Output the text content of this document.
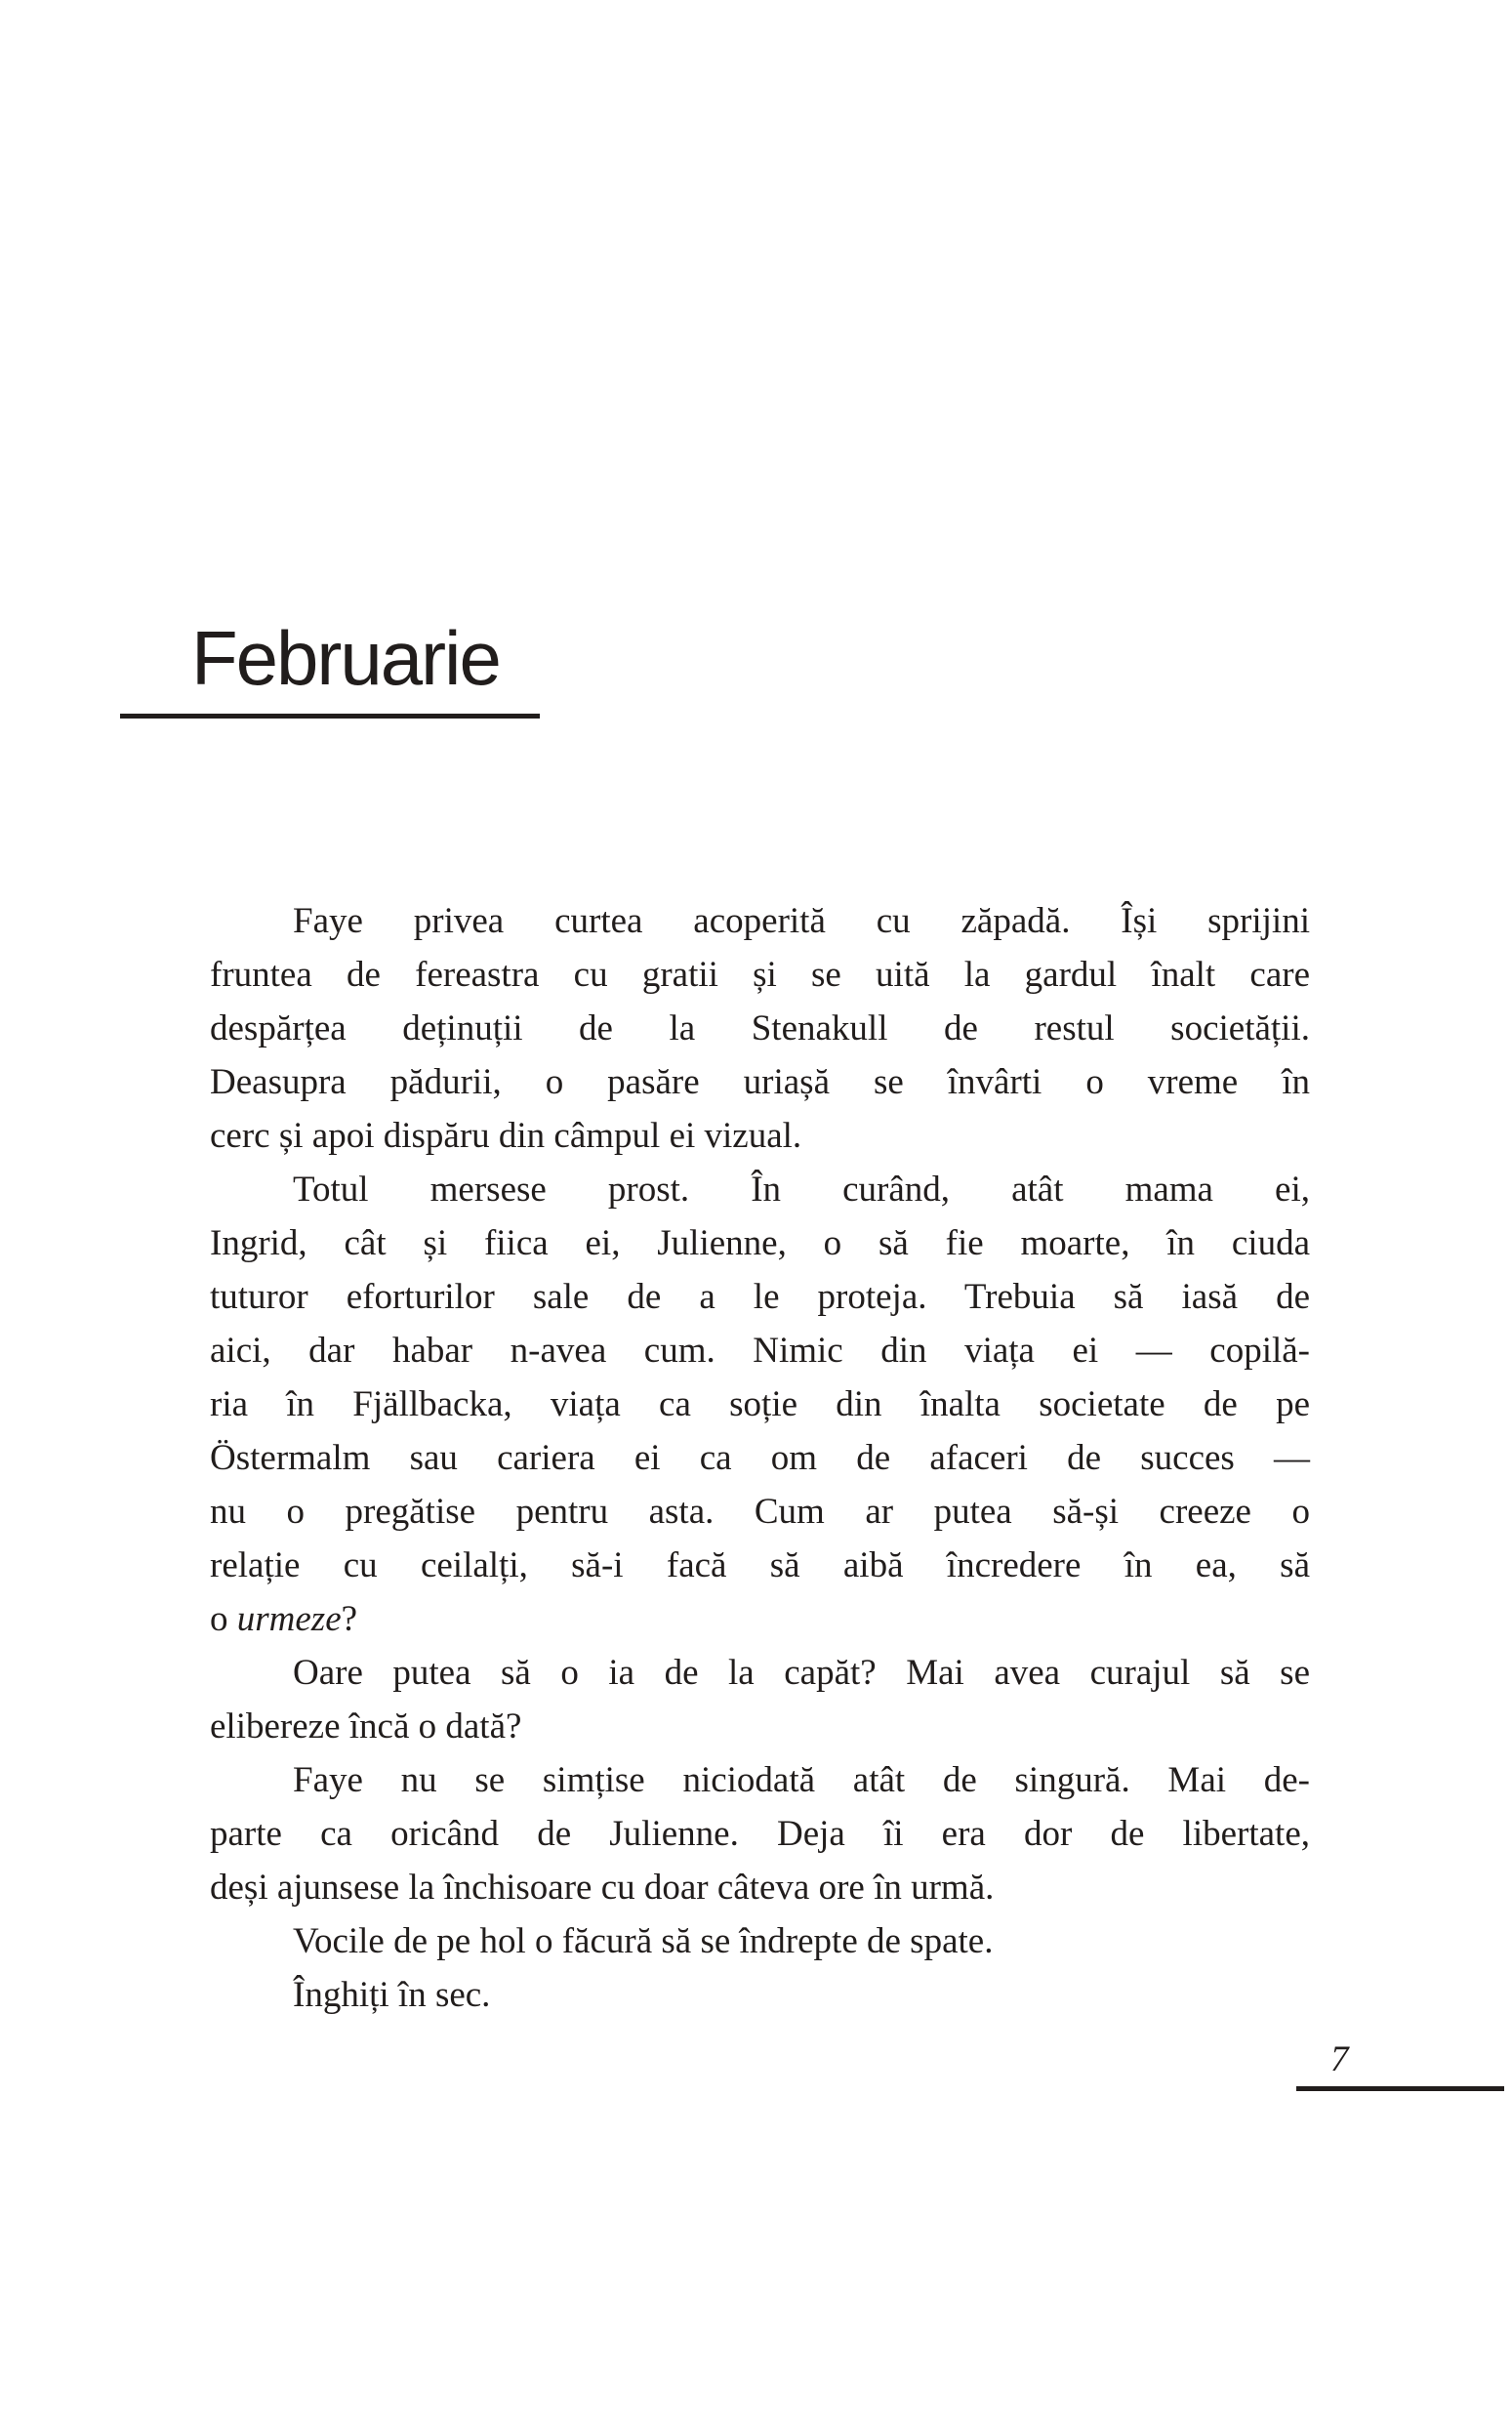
Februarie
Faye privea curtea acoperită cu zăpadă. Își sprijini
fruntea de fereastra cu gratii și se uită la gardul înalt care
despărțea deținuții de la Stenakull de restul societății.
Deasupra pădurii, o pasăre uriașă se învârti o vreme în
cerc și apoi dispăru din câmpul ei vizual.
Totul mersese prost. În curând, atât mama ei,
Ingrid, cât și fiica ei, Julienne, o să fie moarte, în ciuda
tuturor eforturilor sale de a le proteja. Trebuia să iasă de
aici, dar habar n-avea cum. Nimic din viața ei — copilă-
ria în Fjällbacka, viața ca soție din înalta societate de pe
Östermalm sau cariera ei ca om de afaceri de succes —
nu o pregătise pentru asta. Cum ar putea să-și creeze o
relație cu ceilalți, să-i facă să aibă încredere în ea, să
o urmeze?
Oare putea să o ia de la capăt? Mai avea curajul să se
elibereze încă o dată?
Faye nu se simțise niciodată atât de singură. Mai de-
parte ca oricând de Julienne. Deja îi era dor de libertate,
deși ajunsese la închisoare cu doar câteva ore în urmă.
Vocile de pe hol o făcură să se îndrepte de spate.
Înghiți în sec.
7
